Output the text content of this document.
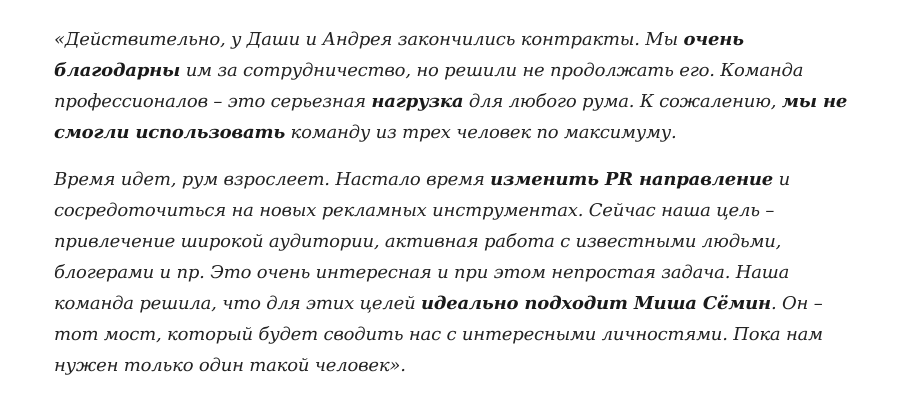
«Действительно, у Даши и Андрея закончились контракты. Мы очень благодарны им за сотрудничество, но решили не продолжать его. Команда профессионалов – это серьезная нагрузка для любого рума. К сожалению, мы не смогли использовать команду из трех человек по максимуму.

Время идет, рум взрослеет. Настало время изменить PR направление и сосредоточиться на новых рекламных инструментах. Сейчас наша цель – привлечение широкой аудитории, активная работа с известными людьми, блогерами и пр. Это очень интересная и при этом непростая задача. Наша команда решила, что для этих целей идеально подходит Миша Сёмин. Он – тот мост, который будет сводить нас с интересными личностями. Пока нам нужен только один такой человек».
